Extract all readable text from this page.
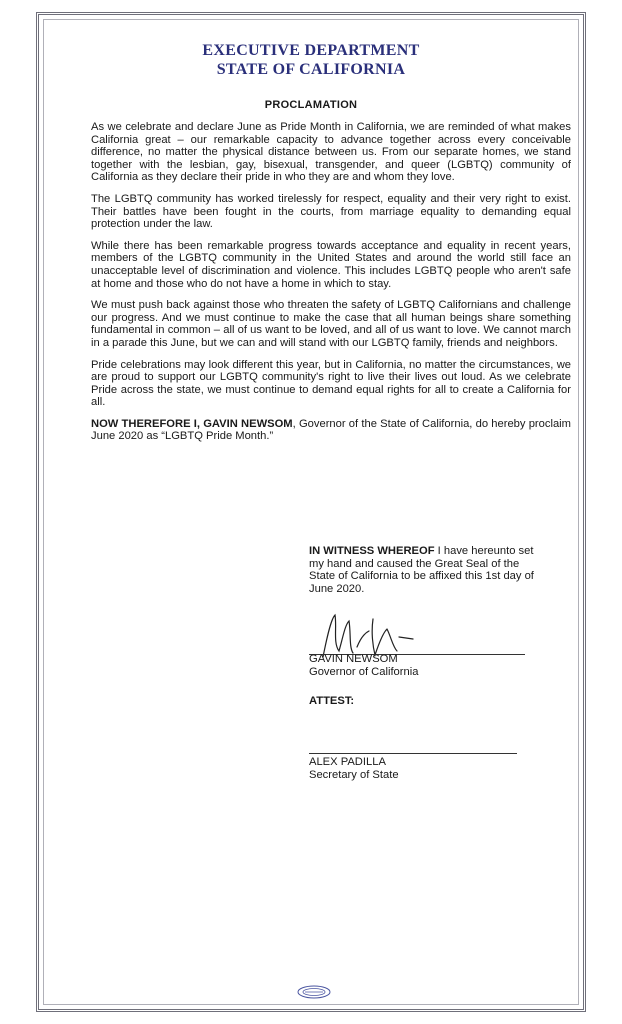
EXECUTIVE DEPARTMENT
STATE OF CALIFORNIA
PROCLAMATION

As we celebrate and declare June as Pride Month in California, we are reminded of what makes California great – our remarkable capacity to advance together across every conceivable difference, no matter the physical distance between us. From our separate homes, we stand together with the lesbian, gay, bisexual, transgender, and queer (LGBTQ) community of California as they declare their pride in who they are and whom they love.

The LGBTQ community has worked tirelessly for respect, equality and their very right to exist. Their battles have been fought in the courts, from marriage equality to demanding equal protection under the law.

While there has been remarkable progress towards acceptance and equality in recent years, members of the LGBTQ community in the United States and around the world still face an unacceptable level of discrimination and violence. This includes LGBTQ people who aren't safe at home and those who do not have a home in which to stay.

We must push back against those who threaten the safety of LGBTQ Californians and challenge our progress. And we must continue to make the case that all human beings share something fundamental in common – all of us want to be loved, and all of us want to love. We cannot march in a parade this June, but we can and will stand with our LGBTQ family, friends and neighbors.

Pride celebrations may look different this year, but in California, no matter the circumstances, we are proud to support our LGBTQ community's right to live their lives out loud. As we celebrate Pride across the state, we must continue to demand equal rights for all to create a California for all.

NOW THEREFORE I, GAVIN NEWSOM, Governor of the State of California, do hereby proclaim June 2020 as “LGBTQ Pride Month.”

IN WITNESS WHEREOF I have hereunto set my hand and caused the Great Seal of the State of California to be affixed this 1st day of June 2020.
GAVIN NEWSOM
Governor of California
ATTEST:
ALEX PADILLA
Secretary of State
